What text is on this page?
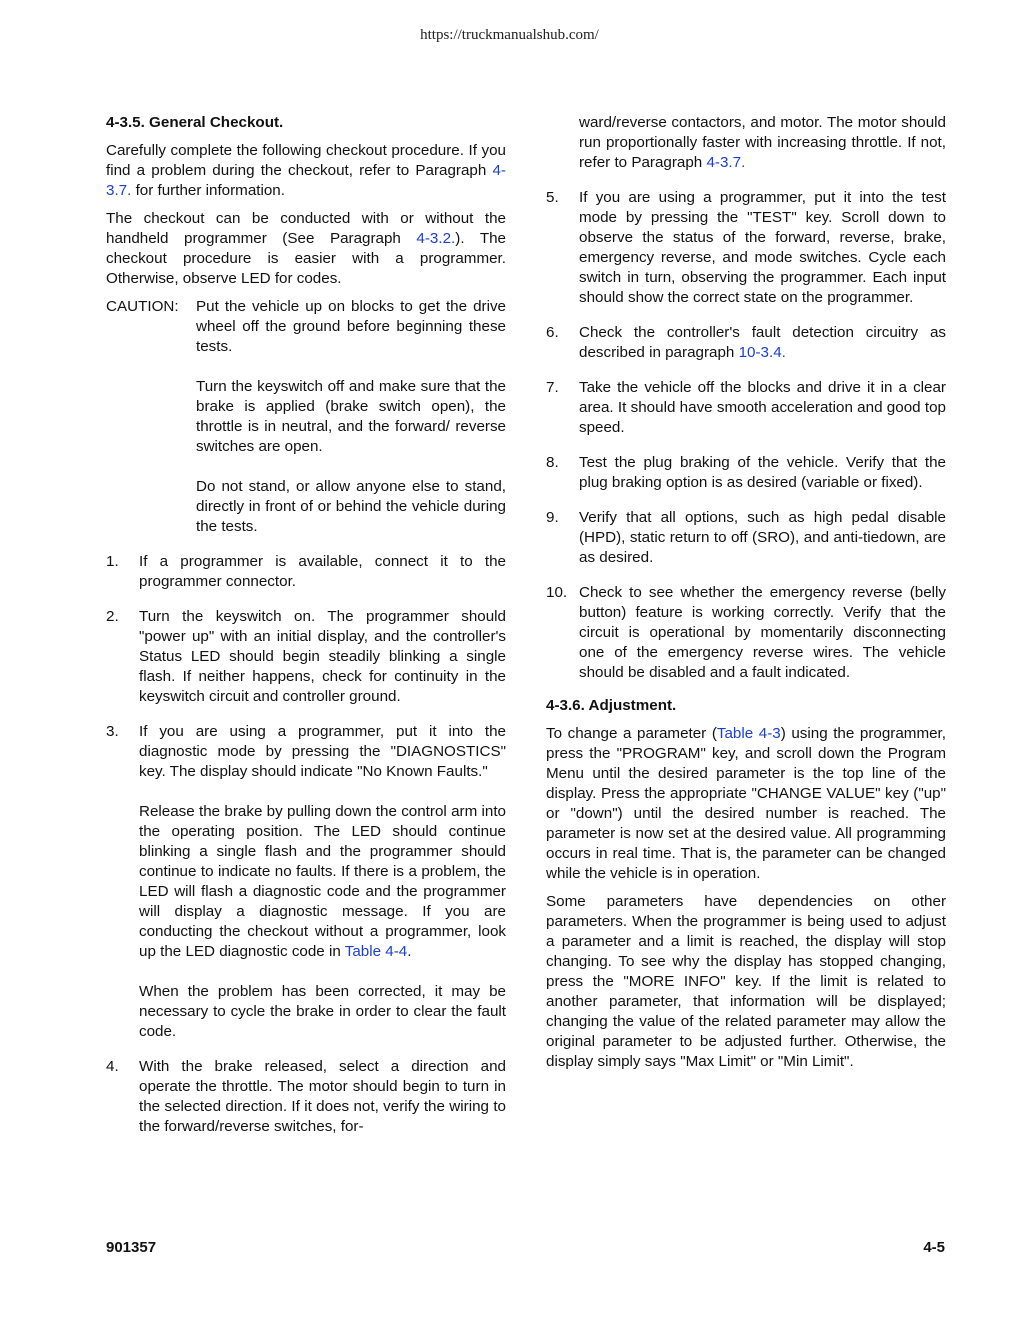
https://truckmanualshub.com/
4-3.5. General Checkout.

Carefully complete the following checkout procedure. If you find a problem during the checkout, refer to Paragraph 4-3.7. for further information.

The checkout can be conducted with or without the handheld programmer (See Paragraph 4-3.2.). The checkout procedure is easier with a programmer. Otherwise, observe LED for codes.

CAUTION:	Put the vehicle up on blocks to get the drive wheel off the ground before beginning these tests.

Turn the keyswitch off and make sure that the brake is applied (brake switch open), the throttle is in neutral, and the forward/ reverse switches are open.

Do not stand, or allow anyone else to stand, directly in front of or behind the vehicle during the tests.

1.	If a programmer is available, connect it to the programmer connector.
2.	Turn the keyswitch on. The programmer should "power up" with an initial display, and the controller's Status LED should begin steadily blinking a single flash. If neither happens, check for continuity in the keyswitch circuit and controller ground.
3.	If you are using a programmer, put it into the diagnostic mode by pressing the "DIAGNOSTICS" key. The display should indicate "No Known Faults."

Release the brake by pulling down the control arm into the operating position. The LED should continue blinking a single flash and the programmer should continue to indicate no faults. If there is a problem, the LED will flash a diagnostic code and the programmer will display a diagnostic message. If you are conducting the checkout without a programmer, look up the LED diagnostic code in Table 4-4.

When the problem has been corrected, it may be necessary to cycle the brake in order to clear the fault code.

4.	With the brake released, select a direction and operate the throttle. The motor should begin to turn in the selected direction. If it does not, verify the wiring to the forward/reverse switches, for-
ward/reverse contactors, and motor. The motor should run proportionally faster with increasing throttle. If not, refer to Paragraph 4-3.7.
5.	If you are using a programmer, put it into the test mode by pressing the "TEST" key. Scroll down to observe the status of the forward, reverse, brake, emergency reverse, and mode switches. Cycle each switch in turn, observing the programmer. Each input should show the correct state on the programmer.
6.	Check the controller's fault detection circuitry as described in paragraph 10-3.4.
7.	Take the vehicle off the blocks and drive it in a clear area. It should have smooth acceleration and good top speed.
8.	Test the plug braking of the vehicle. Verify that the plug braking option is as desired (variable or fixed).
9.	Verify that all options, such as high pedal disable (HPD), static return to off (SRO), and anti-tiedown, are as desired.
10. Check to see whether the emergency reverse (belly button) feature is working correctly. Verify that the circuit is operational by momentarily disconnecting one of the emergency reverse wires. The vehicle should be disabled and a fault indicated.
4-3.6. Adjustment.

To change a parameter (Table 4-3) using the programmer, press the "PROGRAM" key, and scroll down the Program Menu until the desired parameter is the top line of the display. Press the appropriate "CHANGE VALUE" key ("up" or "down") until the desired number is reached. The parameter is now set at the desired value. All programming occurs in real time. That is, the parameter can be changed while the vehicle is in operation.

Some parameters have dependencies on other parameters. When the programmer is being used to adjust a parameter and a limit is reached, the display will stop changing. To see why the display has stopped changing, press the "MORE INFO" key. If the limit is related to another parameter, that information will be displayed; changing the value of the related parameter may allow the original parameter to be adjusted further. Otherwise, the display simply says "Max Limit" or "Min Limit".

901357	4-5
